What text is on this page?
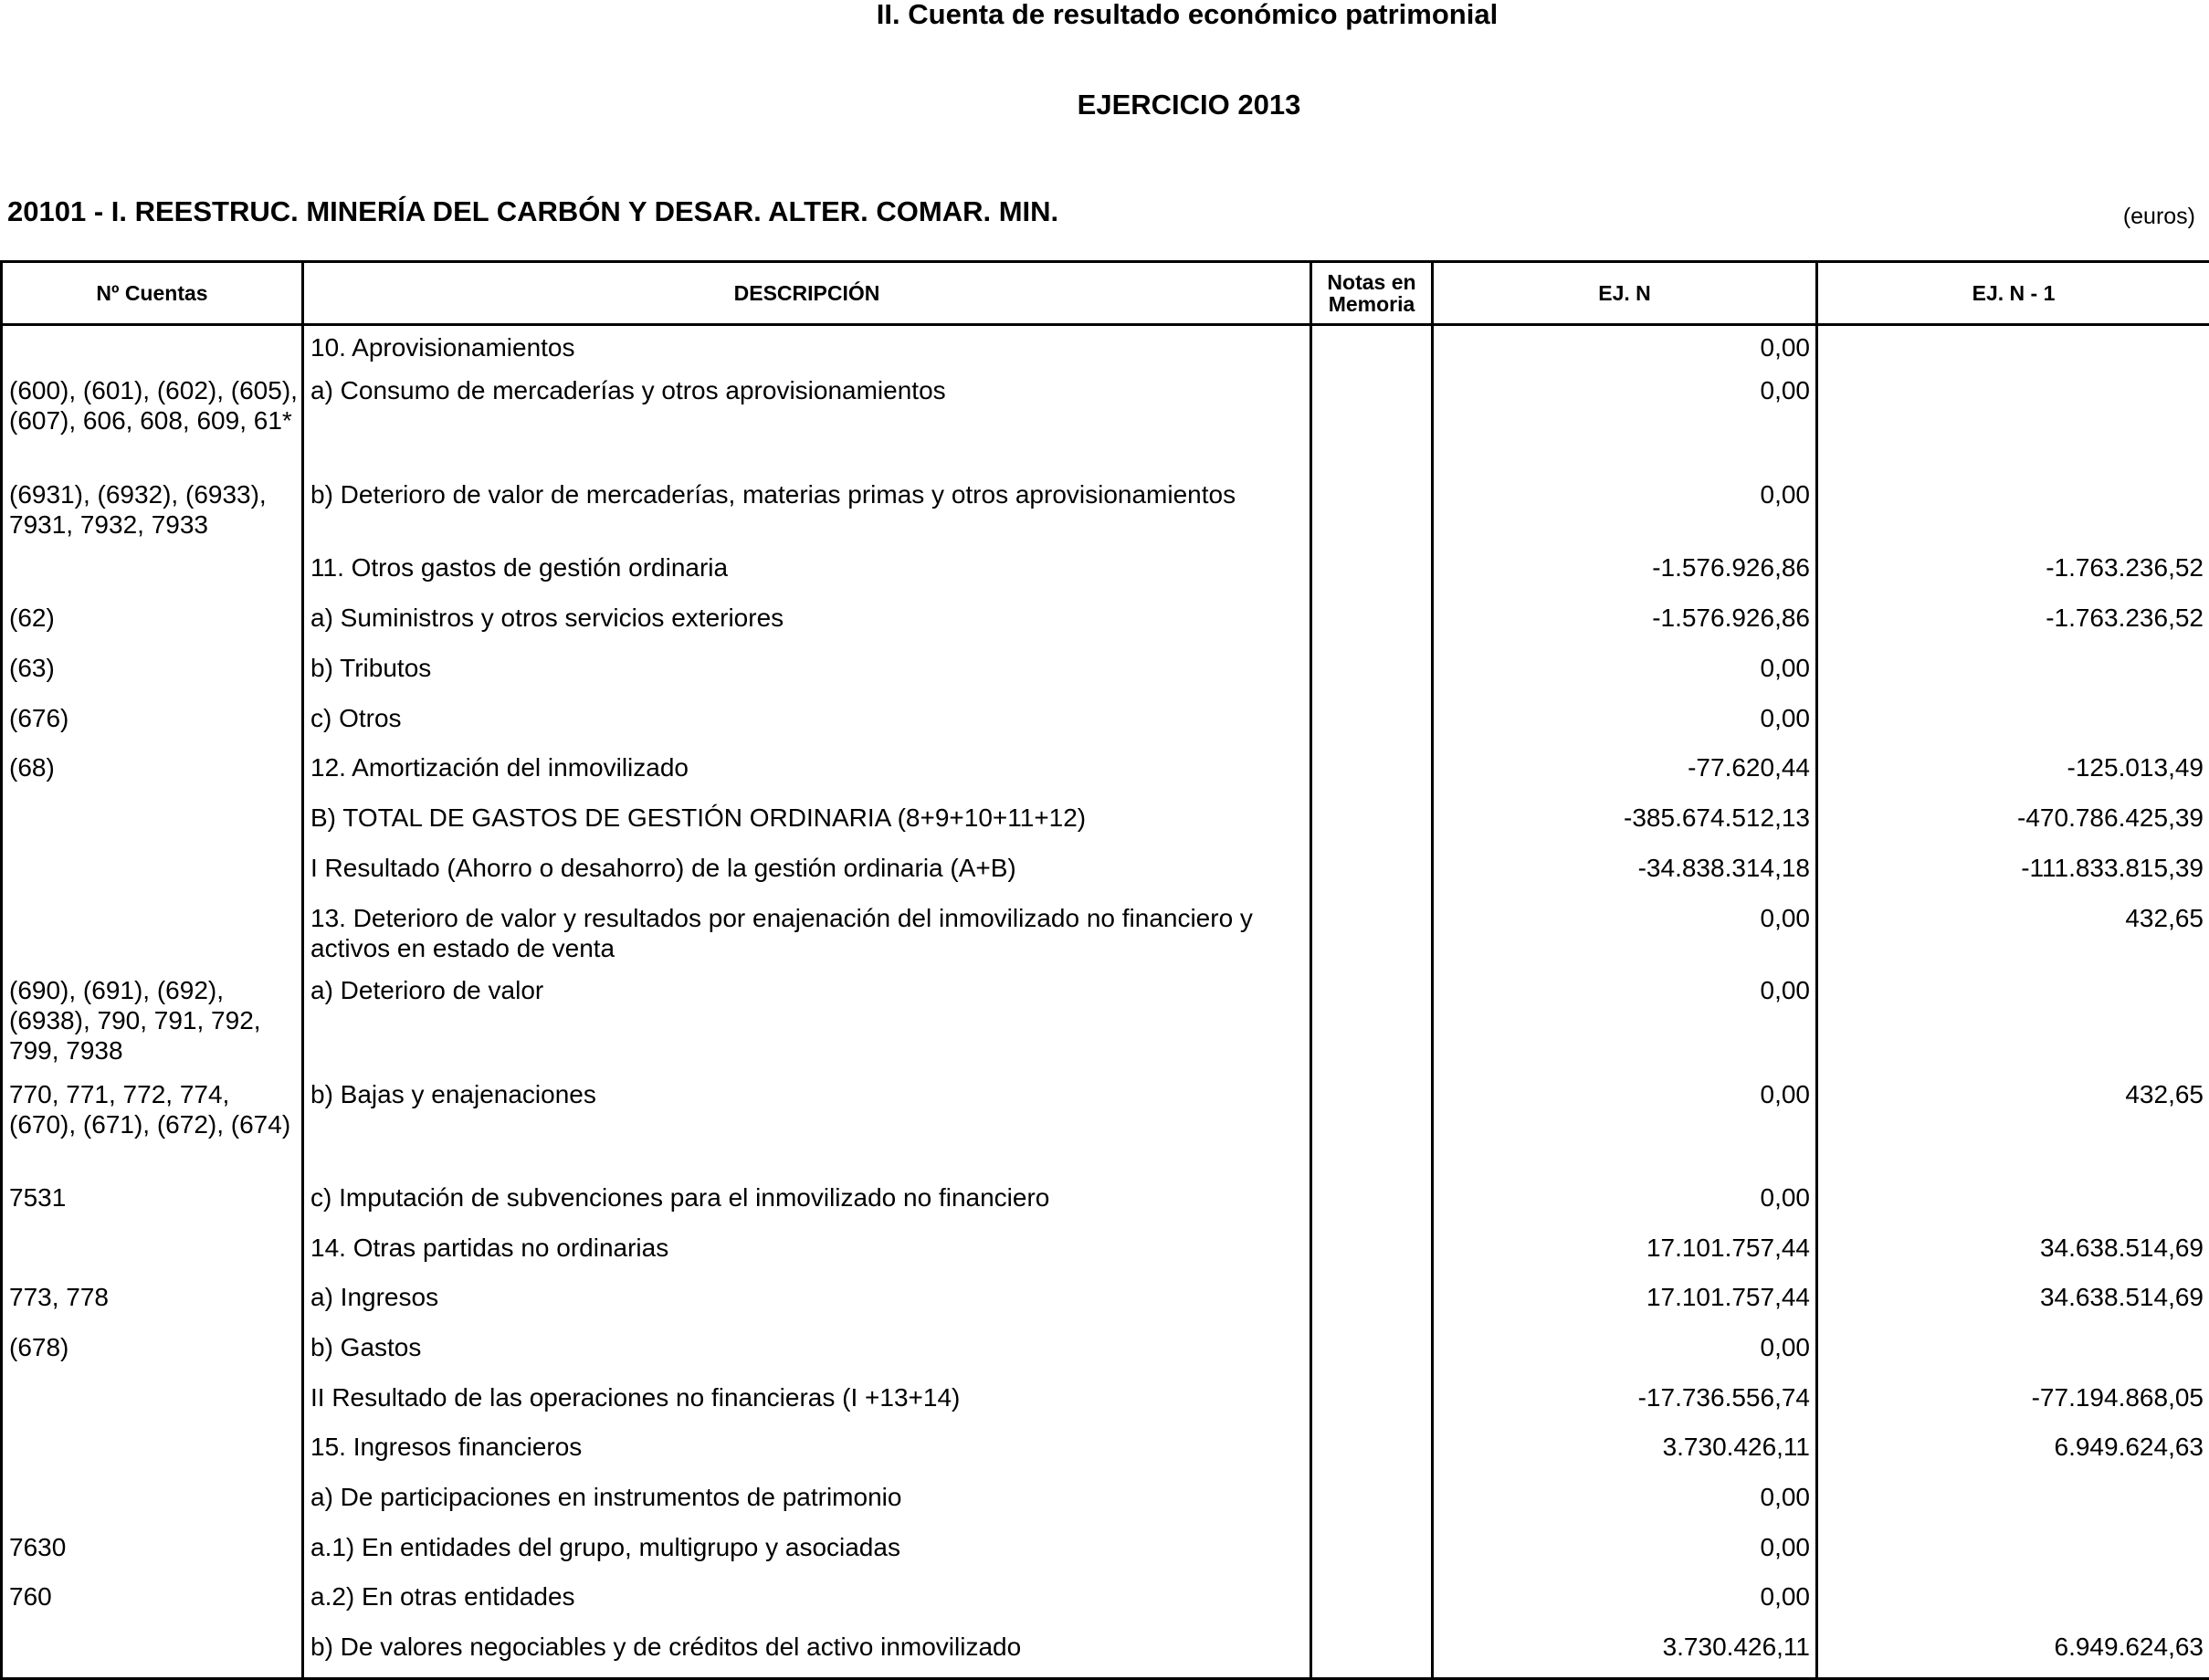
II. Cuenta de resultado económico patrimonial
EJERCICIO 2013
20101 - I. REESTRUC. MINERÍA DEL CARBÓN Y DESAR. ALTER. COMAR. MIN.	(euros)
Nº Cuentas	DESCRIPCIÓN	Notas en Memoria	EJ. N	EJ. N - 1
	10. Aprovisionamientos		0,00	
(600), (601), (602), (605), (607), 606, 608, 609, 61*	a) Consumo de mercaderías y otros aprovisionamientos		0,00	
(6931), (6932), (6933), 7931, 7932, 7933	b) Deterioro de valor de mercaderías, materias primas y otros aprovisionamientos		0,00	
	11. Otros gastos de gestión ordinaria		-1.576.926,86	-1.763.236,52
(62)	a) Suministros y otros servicios exteriores		-1.576.926,86	-1.763.236,52
(63)	b) Tributos		0,00	
(676)	c) Otros		0,00	
(68)	12. Amortización del inmovilizado		-77.620,44	-125.013,49
	B) TOTAL DE GASTOS DE GESTIÓN ORDINARIA (8+9+10+11+12)		-385.674.512,13	-470.786.425,39
	I Resultado (Ahorro o desahorro) de la gestión ordinaria (A+B)		-34.838.314,18	-111.833.815,39
	13. Deterioro de valor y resultados por enajenación del inmovilizado no financiero y activos en estado de venta		0,00	432,65
(690), (691), (692), (6938), 790, 791, 792, 799, 7938	a) Deterioro de valor		0,00	
770, 771, 772, 774, (670), (671), (672), (674)	b) Bajas y enajenaciones		0,00	432,65
7531	c) Imputación de subvenciones para el inmovilizado no financiero		0,00	
	14. Otras partidas no ordinarias		17.101.757,44	34.638.514,69
773, 778	a) Ingresos		17.101.757,44	34.638.514,69
(678)	b) Gastos		0,00	
	II Resultado de las operaciones no financieras (I +13+14)		-17.736.556,74	-77.194.868,05
	15. Ingresos financieros		3.730.426,11	6.949.624,63
	a) De participaciones en instrumentos de patrimonio		0,00	
7630	a.1) En entidades del grupo, multigrupo y asociadas		0,00	
760	a.2) En otras entidades		0,00	
	b) De valores negociables y de créditos del activo inmovilizado		3.730.426,11	6.949.624,63
